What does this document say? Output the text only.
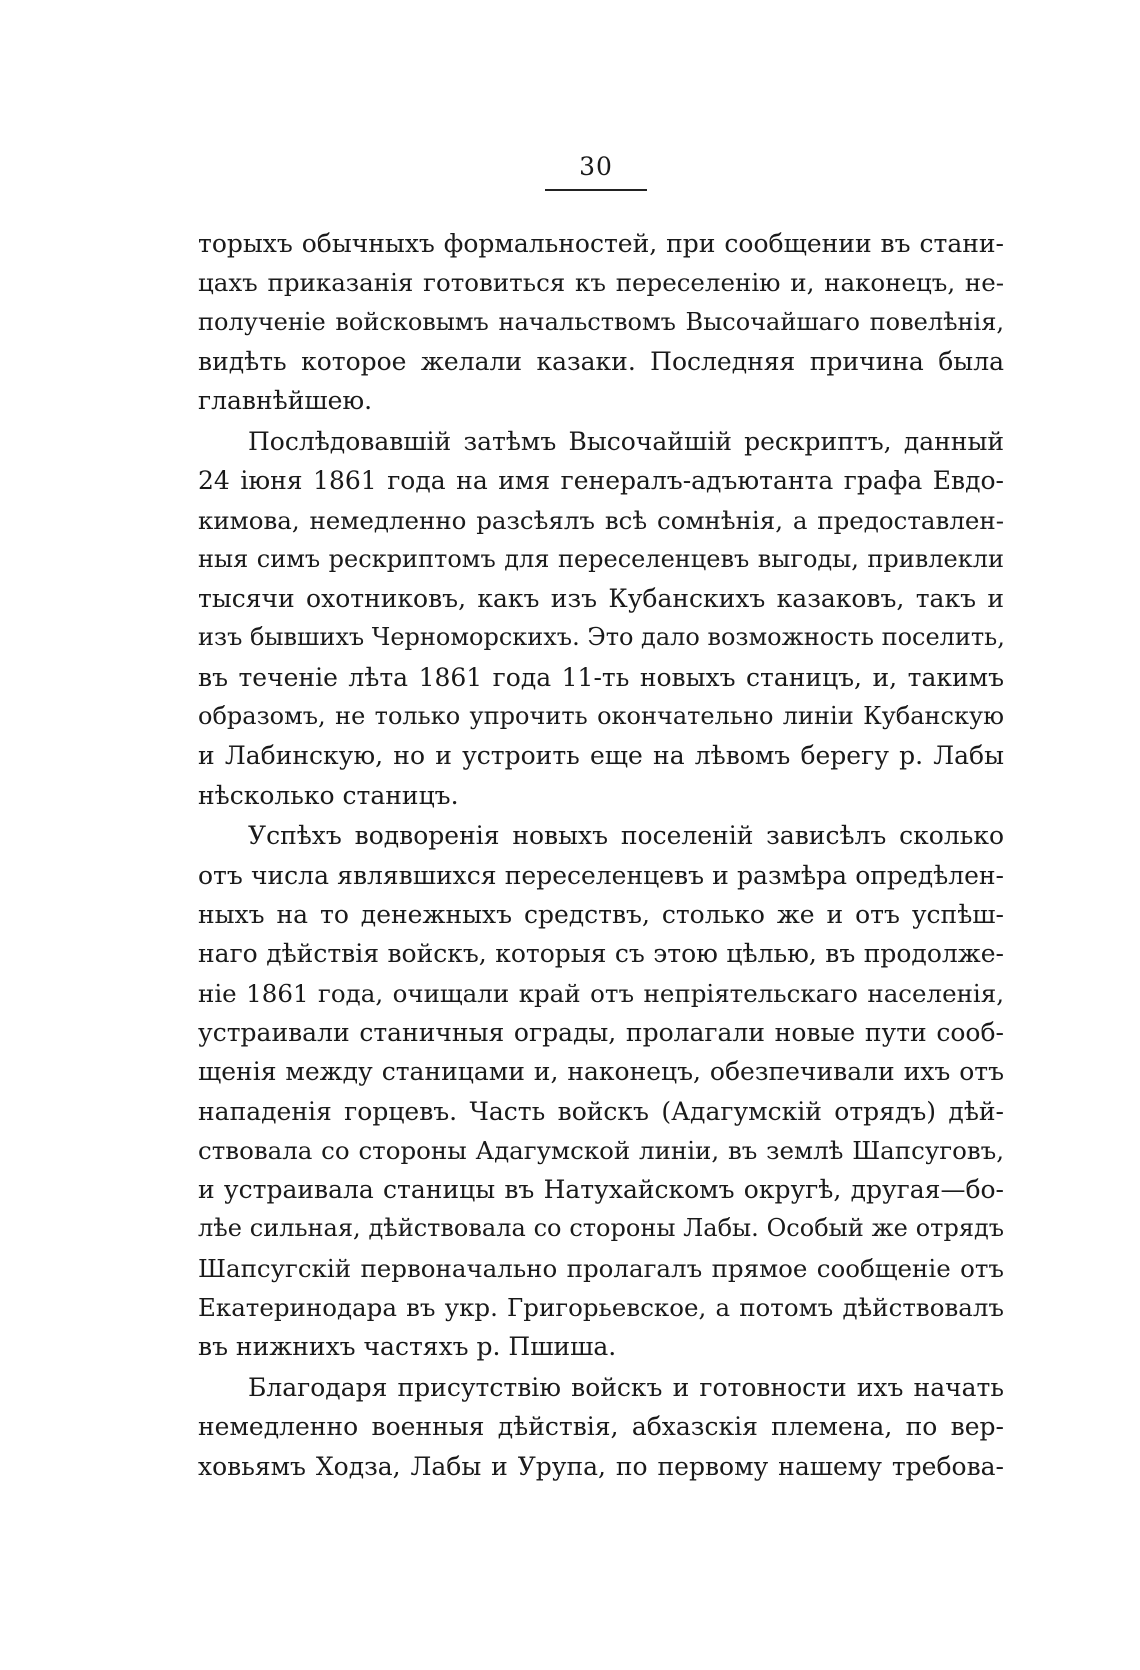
30
торыхъ обычныхъ формальностей, при сообщении въ стани-
цахъ приказанія готовиться къ переселенію и, наконецъ, не-
полученіе войсковымъ начальствомъ Высочайшаго повелѣнія,
видѣть которое желали казаки. Последняя причина была
главнѣйшею.
Послѣдовавшій затѣмъ Высочайшій рескриптъ, данный
24 іюня 1861 года на имя генералъ-адъютанта графа Евдо-
кимова, немедленно разсѣялъ всѣ сомнѣнія, а предоставлен-
ныя симъ рескриптомъ для переселенцевъ выгоды, привлекли
тысячи охотниковъ, какъ изъ Кубанскихъ казаковъ, такъ и
изъ бывшихъ Черноморскихъ. Это дало возможность поселить,
въ теченіе лѣта 1861 года 11-ть новыхъ станицъ, и, такимъ
образомъ, не только упрочить окончательно линіи Кубанскую
и Лабинскую, но и устроить еще на лѣвомъ берегу р. Лабы
нѣсколько станицъ.
Успѣхъ водворенія новыхъ поселеній зависѣлъ сколько
отъ числа являвшихся переселенцевъ и размѣра опредѣлен-
ныхъ на то денежныхъ средствъ, столько же и отъ успѣш-
наго дѣйствія войскъ, которыя съ этою цѣлью, въ продолже-
ніе 1861 года, очищали край отъ непріятельскаго населенія,
устраивали станичныя ограды, пролагали новые пути сооб-
щенія между станицами и, наконецъ, обезпечивали ихъ отъ
нападенія горцевъ. Часть войскъ (Адагумскій отрядъ) дѣй-
ствовала со стороны Адагумской линіи, въ землѣ Шапсуговъ,
и устраивала станицы въ Натухайскомъ округѣ, другая—бо-
лѣе сильная, дѣйствовала со стороны Лабы. Особый же отрядъ
Шапсугскій первоначально пролагалъ прямое сообщеніе отъ
Екатеринодара въ укр. Григорьевское, а потомъ дѣйствовалъ
въ нижнихъ частяхъ р. Пшиша.
Благодаря присутствію войскъ и готовности ихъ начать
немедленно военныя дѣйствія, абхазскія племена, по вер-
ховьямъ Ходза, Лабы и Урупа, по первому нашему требова-
